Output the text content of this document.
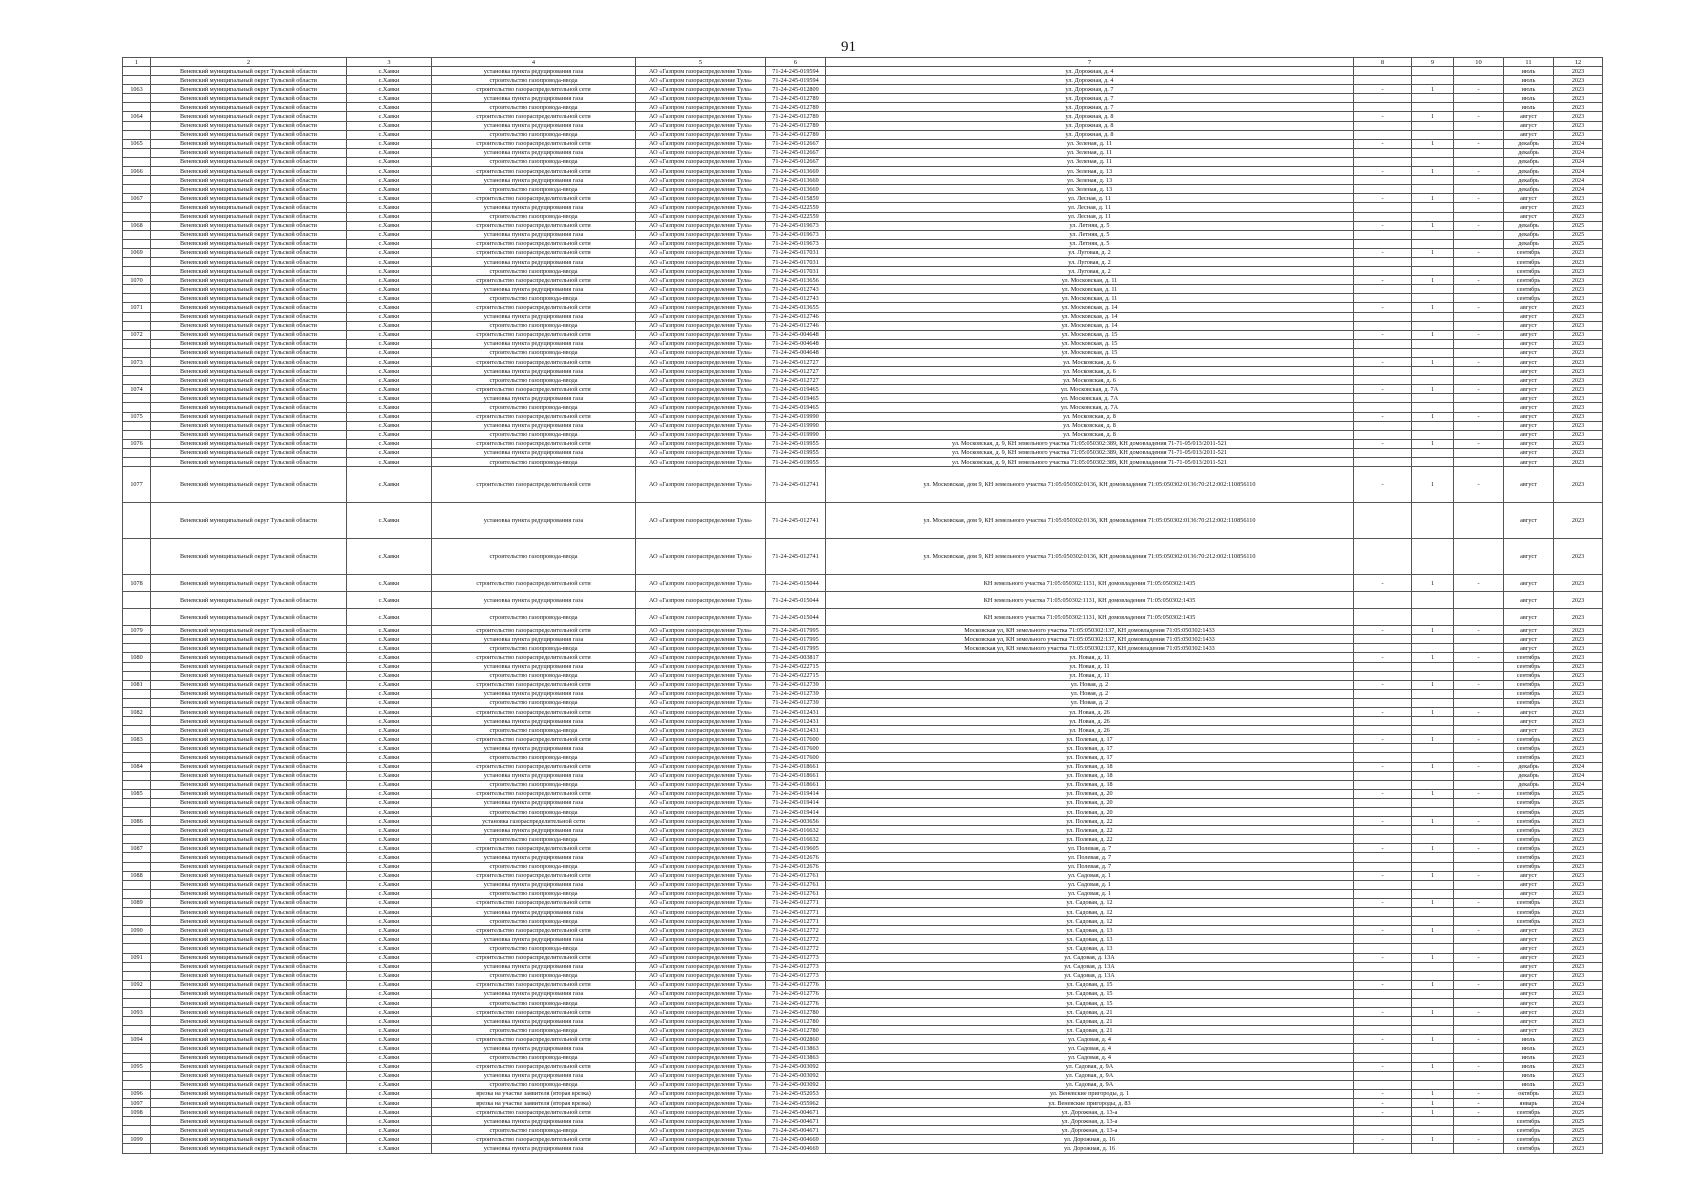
91
1	2	3	4	5	6	7	8	9	10	11	12
	Веневский муниципальный округ Тульской области	с.Хавки	установка пункта редуцирования газа	АО «Газпром газораспределение Тула»	71-24-245-019594	ул. Дорожная, д. 4				июль	2023
	Веневский муниципальный округ Тульской области	с.Хавки	строительство газопровода-ввода	АО «Газпром газораспределение Тула»	71-24-245-019594	ул. Дорожная, д. 4				июль	2023
1063	Веневский муниципальный округ Тульской области	с.Хавки	строительство газораспределительной сети	АО «Газпром газораспределение Тула»	71-24-245-012809	ул. Дорожная, д. 7	-	1	-	июль	2023
	Веневский муниципальный округ Тульской области	с.Хавки	установка пункта редуцирования газа	АО «Газпром газораспределение Тула»	71-24-245-012789	ул. Дорожная, д. 7				июль	2023
	Веневский муниципальный округ Тульской области	с.Хавки	строительство газопровода-ввода	АО «Газпром газораспределение Тула»	71-24-245-012789	ул. Дорожная, д. 7				июль	2023
1064	Веневский муниципальный округ Тульской области	с.Хавки	строительство газораспределительной сети	АО «Газпром газораспределение Тула»	71-24-245-012789	ул. Дорожная, д. 8	-	1	-	август	2023
	Веневский муниципальный округ Тульской области	с.Хавки	установка пункта редуцирования газа	АО «Газпром газораспределение Тула»	71-24-245-012789	ул. Дорожная, д. 8				август	2023
	Веневский муниципальный округ Тульской области	с.Хавки	строительство газопровода-ввода	АО «Газпром газораспределение Тула»	71-24-245-012789	ул. Дорожная, д. 8				август	2023
1065	Веневский муниципальный округ Тульской области	с.Хавки	строительство газораспределительной сети	АО «Газпром газораспределение Тула»	71-24-245-012667	ул. Зеленая, д. 11	-	1	-	декабрь	2024
	Веневский муниципальный округ Тульской области	с.Хавки	установка пункта редуцирования газа	АО «Газпром газораспределение Тула»	71-24-245-012667	ул. Зеленая, д. 11				декабрь	2024
	Веневский муниципальный округ Тульской области	с.Хавки	строительство газопровода-ввода	АО «Газпром газораспределение Тула»	71-24-245-012667	ул. Зеленая, д. 11				декабрь	2024
1066	Веневский муниципальный округ Тульской области	с.Хавки	строительство газораспределительной сети	АО «Газпром газораспределение Тула»	71-24-245-013669	ул. Зеленая, д. 13	-	1	-	декабрь	2024
	Веневский муниципальный округ Тульской области	с.Хавки	установка пункта редуцирования газа	АО «Газпром газораспределение Тула»	71-24-245-013669	ул. Зеленая, д. 13				декабрь	2024
	Веневский муниципальный округ Тульской области	с.Хавки	строительство газопровода-ввода	АО «Газпром газораспределение Тула»	71-24-245-013669	ул. Зеленая, д. 13				декабрь	2024
1067	Веневский муниципальный округ Тульской области	с.Хавки	строительство газораспределительной сети	АО «Газпром газораспределение Тула»	71-24-245-015859	ул. Лесная, д. 11	-	1	-	август	2023
	Веневский муниципальный округ Тульской области	с.Хавки	установка пункта редуцирования газа	АО «Газпром газораспределение Тула»	71-24-245-022559	ул. Лесная, д. 11				август	2023
	Веневский муниципальный округ Тульской области	с.Хавки	строительство газопровода-ввода	АО «Газпром газораспределение Тула»	71-24-245-022559	ул. Лесная, д. 11				август	2023
1068	Веневский муниципальный округ Тульской области	с.Хавки	строительство газораспределительной сети	АО «Газпром газораспределение Тула»	71-24-245-019673	ул. Летняя, д. 5	-	1	-	декабрь	2025
	Веневский муниципальный округ Тульской области	с.Хавки	установка пункта редуцирования газа	АО «Газпром газораспределение Тула»	71-24-245-019673	ул. Летняя, д. 5				декабрь	2025
	Веневский муниципальный округ Тульской области	с.Хавки	строительство газораспределительной сети	АО «Газпром газораспределение Тула»	71-24-245-019673	ул. Летняя, д. 5				декабрь	2025
1069	Веневский муниципальный округ Тульской области	с.Хавки	строительство газораспределительной сети	АО «Газпром газораспределение Тула»	71-24-245-017031	ул. Луговая, д. 2	-	1	-	сентябрь	2023
	Веневский муниципальный округ Тульской области	с.Хавки	установка пункта редуцирования газа	АО «Газпром газораспределение Тула»	71-24-245-017031	ул. Луговая, д. 2				сентябрь	2023
	Веневский муниципальный округ Тульской области	с.Хавки	строительство газопровода-ввода	АО «Газпром газораспределение Тула»	71-24-245-017031	ул. Луговая, д. 2				сентябрь	2023
1070	Веневский муниципальный округ Тульской области	с.Хавки	строительство газораспределительной сети	АО «Газпром газораспределение Тула»	71-24-245-013656	ул. Московская, д. 11	-	1	-	сентябрь	2023
	Веневский муниципальный округ Тульской области	с.Хавки	установка пункта редуцирования газа	АО «Газпром газораспределение Тула»	71-24-245-012743	ул. Московская, д. 11				сентябрь	2023
	Веневский муниципальный округ Тульской области	с.Хавки	строительство газопровода-ввода	АО «Газпром газораспределение Тула»	71-24-245-012743	ул. Московская, д. 11				сентябрь	2023
1071	Веневский муниципальный округ Тульской области	с.Хавки	строительство газораспределительной сети	АО «Газпром газораспределение Тула»	71-24-245-013655	ул. Московская, д. 14	-	1	-	август	2023
	Веневский муниципальный округ Тульской области	с.Хавки	установка пункта редуцирования газа	АО «Газпром газораспределение Тула»	71-24-245-012746	ул. Московская, д. 14				август	2023
	Веневский муниципальный округ Тульской области	с.Хавки	строительство газопровода-ввода	АО «Газпром газораспределение Тула»	71-24-245-012746	ул. Московская, д. 14				август	2023
1072	Веневский муниципальный округ Тульской области	с.Хавки	строительство газораспределительной сети	АО «Газпром газораспределение Тула»	71-24-245-004648	ул. Московская, д. 15	-	1	-	август	2023
	Веневский муниципальный округ Тульской области	с.Хавки	установка пункта редуцирования газа	АО «Газпром газораспределение Тула»	71-24-245-004648	ул. Московская, д. 15				август	2023
	Веневский муниципальный округ Тульской области	с.Хавки	строительство газопровода-ввода	АО «Газпром газораспределение Тула»	71-24-245-004648	ул. Московская, д. 15				август	2023
1073	Веневский муниципальный округ Тульской области	с.Хавки	строительство газораспределительной сети	АО «Газпром газораспределение Тула»	71-24-245-012727	ул. Московская, д. 6	-	1	-	август	2023
	Веневский муниципальный округ Тульской области	с.Хавки	установка пункта редуцирования газа	АО «Газпром газораспределение Тула»	71-24-245-012727	ул. Московская, д. 6				август	2023
	Веневский муниципальный округ Тульской области	с.Хавки	строительство газопровода-ввода	АО «Газпром газораспределение Тула»	71-24-245-012727	ул. Московская, д. 6				август	2023
1074	Веневский муниципальный округ Тульской области	с.Хавки	строительство газораспределительной сети	АО «Газпром газораспределение Тула»	71-24-245-019465	ул. Московская, д. 7А	-	1	-	август	2023
	Веневский муниципальный округ Тульской области	с.Хавки	установка пункта редуцирования газа	АО «Газпром газораспределение Тула»	71-24-245-019465	ул. Московская, д. 7А				август	2023
	Веневский муниципальный округ Тульской области	с.Хавки	строительство газопровода-ввода	АО «Газпром газораспределение Тула»	71-24-245-019465	ул. Московская, д. 7А				август	2023
1075	Веневский муниципальный округ Тульской области	с.Хавки	строительство газораспределительной сети	АО «Газпром газораспределение Тула»	71-24-245-019990	ул. Московская, д. 8	-	1	-	август	2023
	Веневский муниципальный округ Тульской области	с.Хавки	установка пункта редуцирования газа	АО «Газпром газораспределение Тула»	71-24-245-019990	ул. Московская, д. 8				август	2023
	Веневский муниципальный округ Тульской области	с.Хавки	строительство газопровода-ввода	АО «Газпром газораспределение Тула»	71-24-245-019990	ул. Московская, д. 8				август	2023
1076	Веневский муниципальный округ Тульской области	с.Хавки	строительство газораспределительной сети	АО «Газпром газораспределение Тула»	71-24-245-019955	ул. Московская, д. 9, КН земельного участка 71:05:050302:389, КН домовладения 71-71-05/013/2011-521	-	1	-	август	2023
	Веневский муниципальный округ Тульской области	с.Хавки	установка пункта редуцирования газа	АО «Газпром газораспределение Тула»	71-24-245-019955	ул. Московская, д. 9, КН земельного участка 71:05:050302:389, КН домовладения 71-71-05/013/2011-521				август	2023
	Веневский муниципальный округ Тульской области	с.Хавки	строительство газопровода-ввода	АО «Газпром газораспределение Тула»	71-24-245-019955	ул. Московская, д. 9, КН земельного участка 71:05:050302:389, КН домовладения 71-71-05/013/2011-521				август	2023
1077	Веневский муниципальный округ Тульской области	с.Хавки	строительство газораспределительной сети	АО «Газпром газораспределение Тула»	71-24-245-012741	ул. Московская, дом 9, КН земельного участка 71:05:050302:0136, КН домовладения 71:05:050302:0136:70:212:002:110856110	-	1	-	август	2023
	Веневский муниципальный округ Тульской области	с.Хавки	установка пункта редуцирования газа	АО «Газпром газораспределение Тула»	71-24-245-012741	ул. Московская, дом 9, КН земельного участка 71:05:050302:0136, КН домовладения 71:05:050302:0136:70:212:002:110856110				август	2023
	Веневский муниципальный округ Тульской области	с.Хавки	строительство газопровода-ввода	АО «Газпром газораспределение Тула»	71-24-245-012741	ул. Московская, дом 9, КН земельного участка 71:05:050302:0136, КН домовладения 71:05:050302:0136:70:212:002:110856110				август	2023
1078	Веневский муниципальный округ Тульской области	с.Хавки	строительство газораспределительной сети	АО «Газпром газораспределение Тула»	71-24-245-015044	КН земельного участка 71:05:050302:1131, КН домовладения 71:05:050302:1435	-	1	-	август	2023
	Веневский муниципальный округ Тульской области	с.Хавки	установка пункта редуцирования газа	АО «Газпром газораспределение Тула»	71-24-245-015044	КН земельного участка 71:05:050302:1131, КН домовладения 71:05:050302:1435				август	2023
	Веневский муниципальный округ Тульской области	с.Хавки	строительство газопровода-ввода	АО «Газпром газораспределение Тула»	71-24-245-015044	КН земельного участка 71:05:050302:1131, КН домовладения 71:05:050302:1435				август	2023
1079	Веневский муниципальный округ Тульской области	с.Хавки	строительство газораспределительной сети	АО «Газпром газораспределение Тула»	71-24-245-017995	Московская ул, КН земельного участка 71:05:050302:137, КН домовладения 71:05:050302:1433	-	1	-	август	2023
	Веневский муниципальный округ Тульской области	с.Хавки	установка пункта редуцирования газа	АО «Газпром газораспределение Тула»	71-24-245-017995	Московская ул, КН земельного участка 71:05:050302:137, КН домовладения 71:05:050302:1433				август	2023
	Веневский муниципальный округ Тульской области	с.Хавки	строительство газопровода-ввода	АО «Газпром газораспределение Тула»	71-24-245-017995	Московская ул, КН земельного участка 71:05:050302:137, КН домовладения 71:05:050302:1433				август	2023
1080	Веневский муниципальный округ Тульской области	с.Хавки	строительство газораспределительной сети	АО «Газпром газораспределение Тула»	71-24-245-003817	ул. Новая, д. 11	-	1	-	сентябрь	2023
	Веневский муниципальный округ Тульской области	с.Хавки	установка пункта редуцирования газа	АО «Газпром газораспределение Тула»	71-24-245-022715	ул. Новая, д. 11				сентябрь	2023
	Веневский муниципальный округ Тульской области	с.Хавки	строительство газопровода-ввода	АО «Газпром газораспределение Тула»	71-24-245-022715	ул. Новая, д. 11				сентябрь	2023
1081	Веневский муниципальный округ Тульской области	с.Хавки	строительство газораспределительной сети	АО «Газпром газораспределение Тула»	71-24-245-012739	ул. Новая, д. 2	-	1	-	сентябрь	2023
	Веневский муниципальный округ Тульской области	с.Хавки	установка пункта редуцирования газа	АО «Газпром газораспределение Тула»	71-24-245-012739	ул. Новая, д. 2				сентябрь	2023
	Веневский муниципальный округ Тульской области	с.Хавки	строительство газопровода-ввода	АО «Газпром газораспределение Тула»	71-24-245-012739	ул. Новая, д. 2				сентябрь	2023
1082	Веневский муниципальный округ Тульской области	с.Хавки	строительство газораспределительной сети	АО «Газпром газораспределение Тула»	71-24-245-012431	ул. Новая, д. 26	-	1	-	август	2023
	Веневский муниципальный округ Тульской области	с.Хавки	установка пункта редуцирования газа	АО «Газпром газораспределение Тула»	71-24-245-012431	ул. Новая, д. 26				август	2023
	Веневский муниципальный округ Тульской области	с.Хавки	строительство газопровода-ввода	АО «Газпром газораспределение Тула»	71-24-245-012431	ул. Новая, д. 26				август	2023
1083	Веневский муниципальный округ Тульской области	с.Хавки	строительство газораспределительной сети	АО «Газпром газораспределение Тула»	71-24-245-017600	ул. Полевая, д. 17	-	1	-	сентябрь	2023
	Веневский муниципальный округ Тульской области	с.Хавки	установка пункта редуцирования газа	АО «Газпром газораспределение Тула»	71-24-245-017600	ул. Полевая, д. 17				сентябрь	2023
	Веневский муниципальный округ Тульской области	с.Хавки	строительство газопровода-ввода	АО «Газпром газораспределение Тула»	71-24-245-017600	ул. Полевая, д. 17				сентябрь	2023
1084	Веневский муниципальный округ Тульской области	с.Хавки	строительство газораспределительной сети	АО «Газпром газораспределение Тула»	71-24-245-018661	ул. Полевая, д. 18	-	1	-	декабрь	2024
	Веневский муниципальный округ Тульской области	с.Хавки	установка пункта редуцирования газа	АО «Газпром газораспределение Тула»	71-24-245-018661	ул. Полевая, д. 18				декабрь	2024
	Веневский муниципальный округ Тульской области	с.Хавки	строительство газопровода-ввода	АО «Газпром газораспределение Тула»	71-24-245-018661	ул. Полевая, д. 18				декабрь	2024
1085	Веневский муниципальный округ Тульской области	с.Хавки	строительство газораспределительной сети	АО «Газпром газораспределение Тула»	71-24-245-019414	ул. Полевая, д. 20	-	1	-	сентябрь	2025
	Веневский муниципальный округ Тульской области	с.Хавки	установка пункта редуцирования газа	АО «Газпром газораспределение Тула»	71-24-245-019414	ул. Полевая, д. 20				сентябрь	2025
	Веневский муниципальный округ Тульской области	с.Хавки	строительство газопровода-ввода	АО «Газпром газораспределение Тула»	71-24-245-019414	ул. Полевая, д. 20				сентябрь	2025
1086	Веневский муниципальный округ Тульской области	с.Хавки	установка газораспределительной сети	АО «Газпром газораспределение Тула»	71-24-245-003656	ул. Полевая, д. 22	-	1	-	сентябрь	2023
	Веневский муниципальный округ Тульской области	с.Хавки	установка пункта редуцирования газа	АО «Газпром газораспределение Тула»	71-24-245-016632	ул. Полевая, д. 22				сентябрь	2023
	Веневский муниципальный округ Тульской области	с.Хавки	строительство газопровода-ввода	АО «Газпром газораспределение Тула»	71-24-245-016632	ул. Полевая, д. 22				сентябрь	2023
1087	Веневский муниципальный округ Тульской области	с.Хавки	строительство газораспределительной сети	АО «Газпром газораспределение Тула»	71-24-245-019605	ул. Полевая, д. 7	-	1	-	сентябрь	2023
	Веневский муниципальный округ Тульской области	с.Хавки	установка пункта редуцирования газа	АО «Газпром газораспределение Тула»	71-24-245-012676	ул. Полевая, д. 7				сентябрь	2023
	Веневский муниципальный округ Тульской области	с.Хавки	строительство газопровода-ввода	АО «Газпром газораспределение Тула»	71-24-245-012676	ул. Полевая, д. 7				сентябрь	2023
1088	Веневский муниципальный округ Тульской области	с.Хавки	строительство газораспределительной сети	АО «Газпром газораспределение Тула»	71-24-245-012761	ул. Садовая, д. 1	-	1	-	август	2023
	Веневский муниципальный округ Тульской области	с.Хавки	установка пункта редуцирования газа	АО «Газпром газораспределение Тула»	71-24-245-012761	ул. Садовая, д. 1				август	2023
	Веневский муниципальный округ Тульской области	с.Хавки	строительство газопровода-ввода	АО «Газпром газораспределение Тула»	71-24-245-012761	ул. Садовая, д. 1				август	2023
1089	Веневский муниципальный округ Тульской области	с.Хавки	строительство газораспределительной сети	АО «Газпром газораспределение Тула»	71-24-245-012771	ул. Садовая, д. 12	-	1	-	сентябрь	2023
	Веневский муниципальный округ Тульской области	с.Хавки	установка пункта редуцирования газа	АО «Газпром газораспределение Тула»	71-24-245-012771	ул. Садовая, д. 12				сентябрь	2023
	Веневский муниципальный округ Тульской области	с.Хавки	строительство газопровода-ввода	АО «Газпром газораспределение Тула»	71-24-245-012771	ул. Садовая, д. 12				сентябрь	2023
1090	Веневский муниципальный округ Тульской области	с.Хавки	строительство газораспределительной сети	АО «Газпром газораспределение Тула»	71-24-245-012772	ул. Садовая, д. 13	-	1	-	август	2023
	Веневский муниципальный округ Тульской области	с.Хавки	установка пункта редуцирования газа	АО «Газпром газораспределение Тула»	71-24-245-012772	ул. Садовая, д. 13				август	2023
	Веневский муниципальный округ Тульской области	с.Хавки	строительство газопровода-ввода	АО «Газпром газораспределение Тула»	71-24-245-012772	ул. Садовая, д. 13				август	2023
1091	Веневский муниципальный округ Тульской области	с.Хавки	строительство газораспределительной сети	АО «Газпром газораспределение Тула»	71-24-245-012773	ул. Садовая, д. 13А	-	1	-	август	2023
	Веневский муниципальный округ Тульской области	с.Хавки	установка пункта редуцирования газа	АО «Газпром газораспределение Тула»	71-24-245-012773	ул. Садовая, д. 13А				август	2023
	Веневский муниципальный округ Тульской области	с.Хавки	строительство газопровода-ввода	АО «Газпром газораспределение Тула»	71-24-245-012773	ул. Садовая, д. 13А				август	2023
1092	Веневский муниципальный округ Тульской области	с.Хавки	строительство газораспределительной сети	АО «Газпром газораспределение Тула»	71-24-245-012776	ул. Садовая, д. 15	-	1	-	август	2023
	Веневский муниципальный округ Тульской области	с.Хавки	установка пункта редуцирования газа	АО «Газпром газораспределение Тула»	71-24-245-012776	ул. Садовая, д. 15				август	2023
	Веневский муниципальный округ Тульской области	с.Хавки	строительство газопровода-ввода	АО «Газпром газораспределение Тула»	71-24-245-012776	ул. Садовая, д. 15				август	2023
1093	Веневский муниципальный округ Тульской области	с.Хавки	строительство газораспределительной сети	АО «Газпром газораспределение Тула»	71-24-245-012780	ул. Садовая, д. 21	-	1	-	август	2023
	Веневский муниципальный округ Тульской области	с.Хавки	установка пункта редуцирования газа	АО «Газпром газораспределение Тула»	71-24-245-012780	ул. Садовая, д. 21				август	2023
	Веневский муниципальный округ Тульской области	с.Хавки	строительство газопровода-ввода	АО «Газпром газораспределение Тула»	71-24-245-012780	ул. Садовая, д. 21				август	2023
1094	Веневский муниципальный округ Тульской области	с.Хавки	строительство газораспределительной сети	АО «Газпром газораспределение Тула»	71-24-245-002860	ул. Садовая, д. 4	-	1	-	июль	2023
	Веневский муниципальный округ Тульской области	с.Хавки	установка пункта редуцирования газа	АО «Газпром газораспределение Тула»	71-24-245-013863	ул. Садовая, д. 4				июль	2023
	Веневский муниципальный округ Тульской области	с.Хавки	строительство газопровода-ввода	АО «Газпром газораспределение Тула»	71-24-245-013863	ул. Садовая, д. 4				июль	2023
1095	Веневский муниципальный округ Тульской области	с.Хавки	строительство газораспределительной сети	АО «Газпром газораспределение Тула»	71-24-245-003092	ул. Садовая, д. 9А	-	1	-	июль	2023
	Веневский муниципальный округ Тульской области	с.Хавки	установка пункта редуцирования газа	АО «Газпром газораспределение Тула»	71-24-245-003092	ул. Садовая, д. 9А				июль	2023
	Веневский муниципальный округ Тульской области	с.Хавки	строительство газопровода-ввода	АО «Газпром газораспределение Тула»	71-24-245-003092	ул. Садовая, д. 9А				июль	2023
1096	Веневский муниципальный округ Тульской области	с.Хавки	врезка на участке заявителя (вторая врезка)	АО «Газпром газораспределение Тула»	71-24-245-052053	ул. Веневские пригороды, д. 1	-	1	-	октябрь	2023
1097	Веневский муниципальный округ Тульской области	с.Хавки	врезка на участке заявителя (вторая врезка)	АО «Газпром газораспределение Тула»	71-24-245-055962	ул. Веневские пригороды, д. 83	-	1	-	январь	2024
1098	Веневский муниципальный округ Тульской области	с.Хавки	строительство газораспределительной сети	АО «Газпром газораспределение Тула»	71-24-245-004671	ул. Дорожная, д. 13-а	-	1	-	сентябрь	2025
	Веневский муниципальный округ Тульской области	с.Хавки	установка пункта редуцирования газа	АО «Газпром газораспределение Тула»	71-24-245-004671	ул. Дорожная, д. 13-а				сентябрь	2025
	Веневский муниципальный округ Тульской области	с.Хавки	строительство газопровода-ввода	АО «Газпром газораспределение Тула»	71-24-245-004671	ул. Дорожная, д. 13-а				сентябрь	2025
1099	Веневский муниципальный округ Тульской области	с.Хавки	строительство газораспределительной сети	АО «Газпром газораспределение Тула»	71-24-245-004669	ул. Дорожная, д. 16	-	1	-	сентябрь	2023
	Веневский муниципальный округ Тульской области	с.Хавки	установка пункта редуцирования газа	АО «Газпром газораспределение Тула»	71-24-245-004669	ул. Дорожная, д. 16				сентябрь	2023
